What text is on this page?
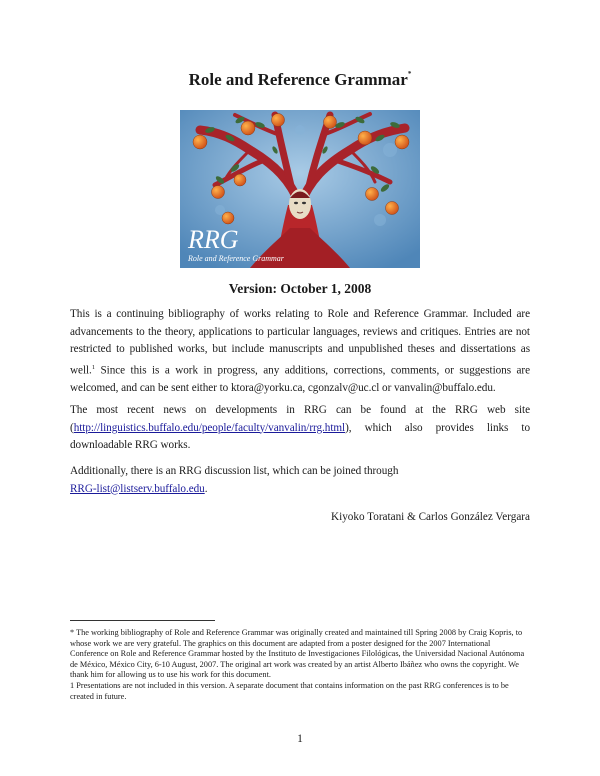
Role and Reference Grammar*
RRG
Role and Reference Grammar
Version: October 1, 2008

This is a continuing bibliography of works relating to Role and Reference Grammar. Included are advancements to the theory, applications to particular languages, reviews and critiques. Entries are not restricted to published works, but include manuscripts and unpublished theses and dissertations as well.$^1$ Since this is a work in progress, any additions, corrections, comments, or suggestions are welcomed, and can be sent either to ktora@yorku.ca, cgonzalv@uc.cl or vanvalin@buffalo.edu.

The most recent news on developments in RRG can be found at the RRG web site (http://linguistics.buffalo.edu/people/faculty/vanvalin/rrg.html), which also provides links to downloadable RRG works.

Additionally, there is an RRG discussion list, which can be joined through
RRG-list@listserv.buffalo.edu.

Kiyoko Toratani & Carlos González Vergara

* The working bibliography of Role and Reference Grammar was originally created and maintained till Spring 2008 by Craig Kopris, to whose work we are very grateful. The graphics on this document are adapted from a poster designed for the 2007 International Conference on Role and Reference Grammar hosted by the Instituto de Investigaciones Filológicas, the Universidad Nacional Autónoma de México, México City, 6-10 August, 2007. The original art work was created by an artist Alberto Ibáñez who owns the copyright. We thank him for allowing us to use his work for this document.

1 Presentations are not included in this version. A separate document that contains information on the past RRG conferences is to be created in future.

1
